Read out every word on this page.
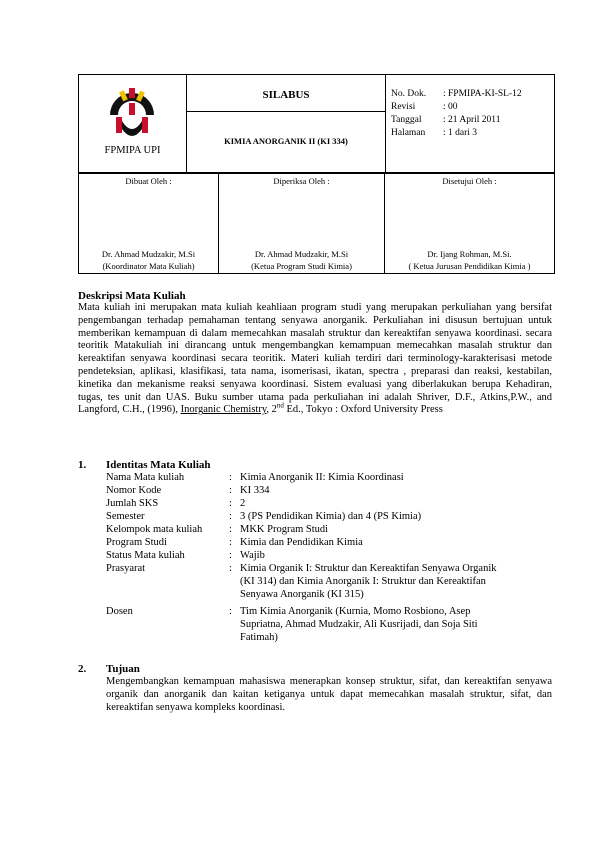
FPMIPA UPI

SILABUS
KIMIA ANORGANIK II (KI 334)

No. Dok. : FPMIPA-KI-SL-12
Revisi	: 00
Tanggal : 21 April 2011
Halaman : 1 dari 3
Dibuat Oleh :
Dr. Ahmad Mudzakir, M.Si
(Koordinator Mata Kuliah)

Diperiksa Oleh :
Dr. Ahmad Mudzakir, M.Si
(Ketua Program Studi Kimia)

Disetujui Oleh :
Dr. Ijang Rohman, M.Si.
( Ketua Jurusan Pendidikan Kimia )
Deskripsi Mata Kuliah
Mata kuliah ini merupakan mata kuliah keahliaan program studi yang merupakan perkuliahan yang bersifat pengembangan terhadap pemahaman tentang senyawa anorganik. Perkuliahan ini disusun bertujuan untuk memberikan kemampuan di dalam memecahkan masalah struktur dan kereaktifan senyawa koordinasi. secara teoritik Matakuliah ini dirancang untuk mengembangkan kemampuan memecahkan masalah struktur dan kereaktifan senyawa koordinasi secara teoritik. Materi kuliah terdiri dari terminology-karakterisasi metode pendeteksian, aplikasi, klasifikasi, tata nama, isomerisasi, ikatan, spectra , preparasi dan reaksi, kestabilan, kinetika dan mekanisme reaksi senyawa koordinasi. Sistem evaluasi yang diberlakukan berupa Kehadiran, tugas, tes unit dan UAS. Buku sumber utama pada perkuliahan ini adalah Shriver, D.F., Atkins,P.W., and Langford, C.H., (1996), Inorganic Chemistry, 2nd Ed., Tokyo : Oxford University Press
1. Identitas Mata Kuliah
Nama Mata kuliah	: Kimia Anorganik II: Kimia Koordinasi
Nomor Kode	: KI 334
Jumlah SKS	: 2
Semester	: 3 (PS Pendidikan Kimia) dan 4 (PS Kimia)
Kelompok mata kuliah	: MKK Program Studi
Program Studi	: Kimia dan Pendidikan Kimia
Status Mata kuliah	: Wajib
Prasyarat	: Kimia Organik I: Struktur dan Kereaktifan Senyawa Organik (KI 314) dan Kimia Anorganik I: Struktur dan Kereaktifan Senyawa Anorganik (KI 315)
Dosen	: Tim Kimia Anorganik (Kurnia, Momo Rosbiono, Asep Supriatna, Ahmad Mudzakir, Ali Kusrijadi, dan Soja Siti Fatimah)
2. Tujuan
Mengembangkan kemampuan mahasiswa menerapkan konsep struktur, sifat, dan kereaktifan senyawa organik dan anorganik dan kaitan ketiganya untuk dapat memecahkan masalah struktur, sifat, dan kereaktifan senyawa kompleks koordinasi.
